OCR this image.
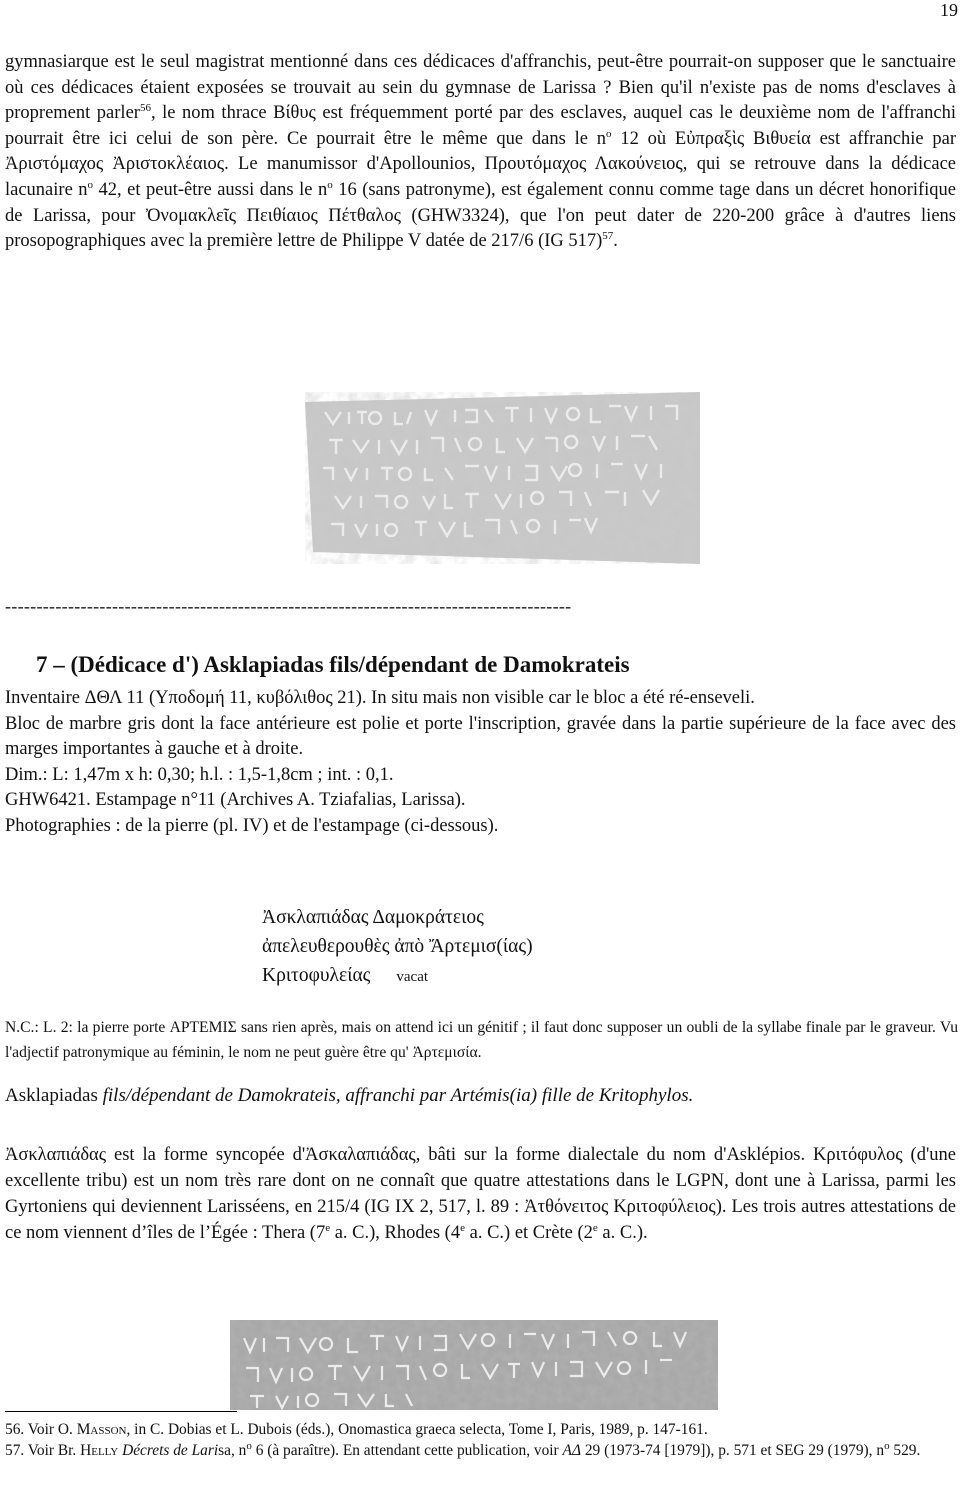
19

gymnasiarque est le seul magistrat mentionné dans ces dédicaces d'affranchis, peut-être pourrait-on supposer que le sanctuaire où ces dédicaces étaient exposées se trouvait au sein du gymnase de Larissa ? Bien qu'il n'existe pas de noms d'esclaves à proprement parler$^{56}$, le nom thrace Βίθυς est fréquemment porté par des esclaves, auquel cas le deuxième nom de l'affranchi pourrait être ici celui de son père. Ce pourrait être le même que dans le $n^o$ 12 où Εὐπραξὶς Βιθυεία est affranchie par Ἀριστόμαχος Ἀριστοκλέαιος. Le manumissor d'Apollounios, Προυτόμαχος Λακούνειος, qui se retrouve dans la dédicace lacunaire $n^o$ 42, et peut-être aussi dans le $n^o$ 16 (sans patronyme), est également connu comme tage dans un décret honorifique de Larissa, pour Ὀνομακλεῖς Πειθίαιος Πέτθαλος (GHW3324), que l'on peut dater de 220-200 grâce à d'autres liens prosopographiques avec la première lettre de Philippe V datée de 217/6 (IG 517)$^{57}$.

------------------------------------------------------------------------------------------
7 – (Dédicace d') Asklapiadas fils/dépendant de Damokrateis

Inventaire ΔΘΛ 11 (Υποδομή 11, κυβόλιθος 21). In situ mais non visible car le bloc a été ré-enseveli.

Bloc de marbre gris dont la face antérieure est polie et porte l'inscription, gravée dans la partie supérieure de la face avec des marges importantes à gauche et à droite.

Dim.: L: 1,47m x h: 0,30; h.l. : 1,5-1,8cm ; int. : 0,1.

GHW6421. Estampage n°11 (Archives A. Tziafalias, Larissa).

Photographies : de la pierre (pl. IV) et de l'estampage (ci-dessous).

Ἀσκλαπιάδας Δαμοκράτειος
ἀπελευθερουθὲς ἀπὸ Ἄρτεμισ(ίας)
Κριτοφυλείας vacat
N.C.: L. 2: la pierre porte ΑΡΤΕΜΙΣ sans rien après, mais on attend ici un génitif ; il faut donc supposer un oubli de la syllabe finale par le graveur. Vu l'adjectif patronymique au féminin, le nom ne peut guère être qu' Ἀρτεμισία.
Asklapiadas fils/dépendant de Damokrateis, affranchi par Artémis(ia) fille de Kritophylos.

Ἀσκλαπιάδας est la forme syncopée d'Ἀσκαλαπιάδας, bâti sur la forme dialectale du nom d'Asklépios. Κριτόφυλος (d'une excellente tribu) est un nom très rare dont on ne connaît que quatre attestations dans le LGPN, dont une à Larissa, parmi les Gyrtoniens qui deviennent Larisséens, en 215/4 (IG IX 2, 517, l. 89 : Ἀτθόνειτος Κριτοφύλειος). Les trois autres attestations de ce nom viennent d’îles de l’Égée : Thera (7e a. C.), Rhodes (4e a. C.) et Crète (2e a. C.).

56. Voir O. Masson, in C. Dobias et L. Dubois (éds.), Onomastica graeca selecta, Tome I, Paris, 1989, p. 147-161.
57. Voir Br. Helly Décrets de Larisa, $n^o$ 6 (à paraître). En attendant cette publication, voir ΑΔ 29 (1973-74 [1979]), p. 571 et SEG 29 (1979), $n^o$ 529.
